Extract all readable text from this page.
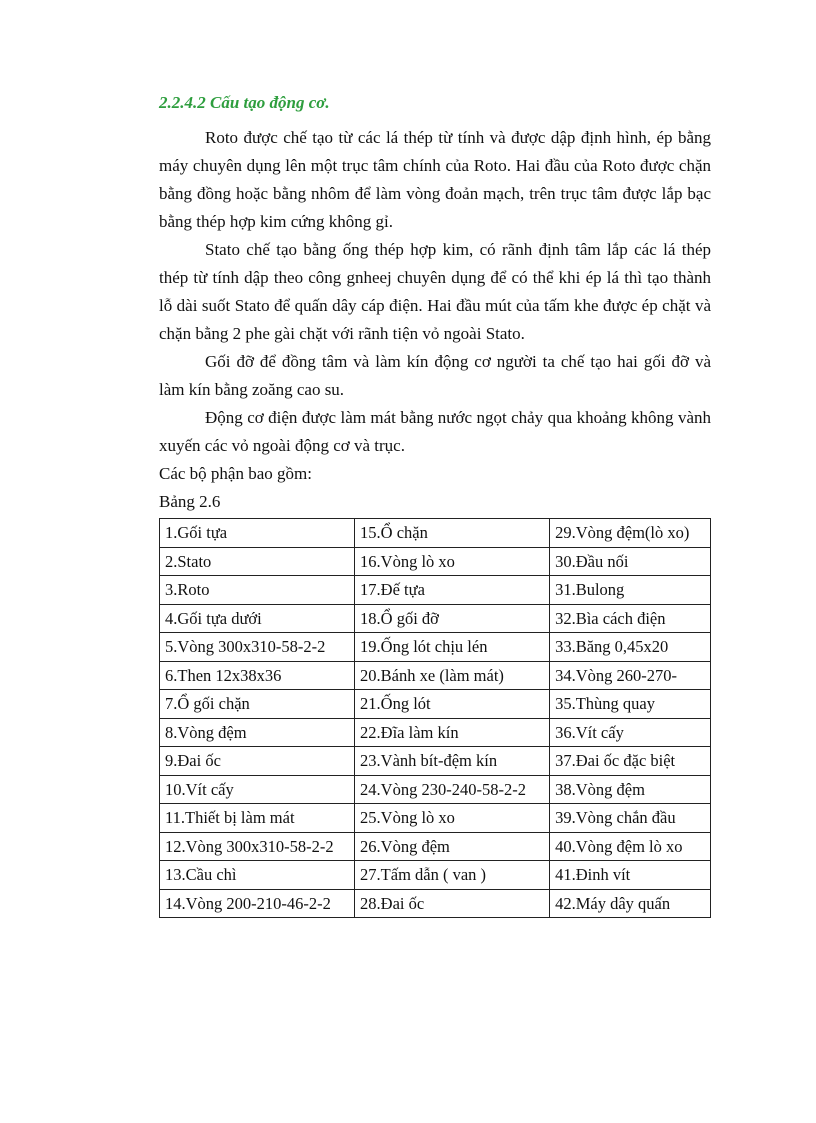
2.2.4.2 Cấu tạo động cơ.

Roto được chế tạo từ các lá thép từ tính và được dập định hình, ép bằng máy chuyên dụng lên một trục tâm chính của Roto. Hai đầu của Roto được chặn bằng đồng hoặc bằng nhôm để làm vòng đoản mạch, trên trục tâm được lắp bạc bằng thép hợp kim cứng không gỉ.

Stato chế tạo bằng ống thép hợp kim, có rãnh định tâm lắp các lá thép thép từ tính dập theo công gnheej chuyên dụng để có thể khi ép lá thì tạo thành lỗ dài suốt Stato để quấn dây cáp điện. Hai đầu mút của tấm khe được ép chặt và chặn bằng 2 phe gài chặt với rãnh tiện vỏ ngoài Stato.

Gối đỡ để đồng tâm và làm kín động cơ người ta chế tạo hai gối đỡ và làm kín bằng zoăng cao su.

Động cơ điện được làm mát bằng nước ngọt chảy qua khoảng không vành xuyến các vỏ ngoài động cơ và trục.

Các bộ phận bao gồm:

Bảng 2.6

1.Gối tựa	15.Ổ chặn	29.Vòng đệm(lò xo)
2.Stato	16.Vòng lò xo	30.Đầu nối
3.Roto	17.Đế tựa	31.Bulong
4.Gối tựa dưới	18.Ổ gối đỡ	32.Bìa cách điện
5.Vòng 300x310-58-2-2	19.Ống lót chịu lén	33.Băng 0,45x20
6.Then 12x38x36	20.Bánh xe (làm mát)	34.Vòng 260-270-
7.Ổ gối chặn	21.Ống lót	35.Thùng quay
8.Vòng đệm	22.Đĩa làm kín	36.Vít cấy
9.Đai ốc	23.Vành bít-đệm kín	37.Đai ốc đặc biệt
10.Vít cấy	24.Vòng 230-240-58-2-2	38.Vòng đệm
11.Thiết bị làm mát	25.Vòng lò xo	39.Vòng chắn đầu
12.Vòng 300x310-58-2-2	26.Vòng đệm	40.Vòng đệm lò xo
13.Cầu chì	27.Tấm dẫn ( van )	41.Đinh vít
14.Vòng 200-210-46-2-2	28.Đai ốc	42.Máy dây quấn
